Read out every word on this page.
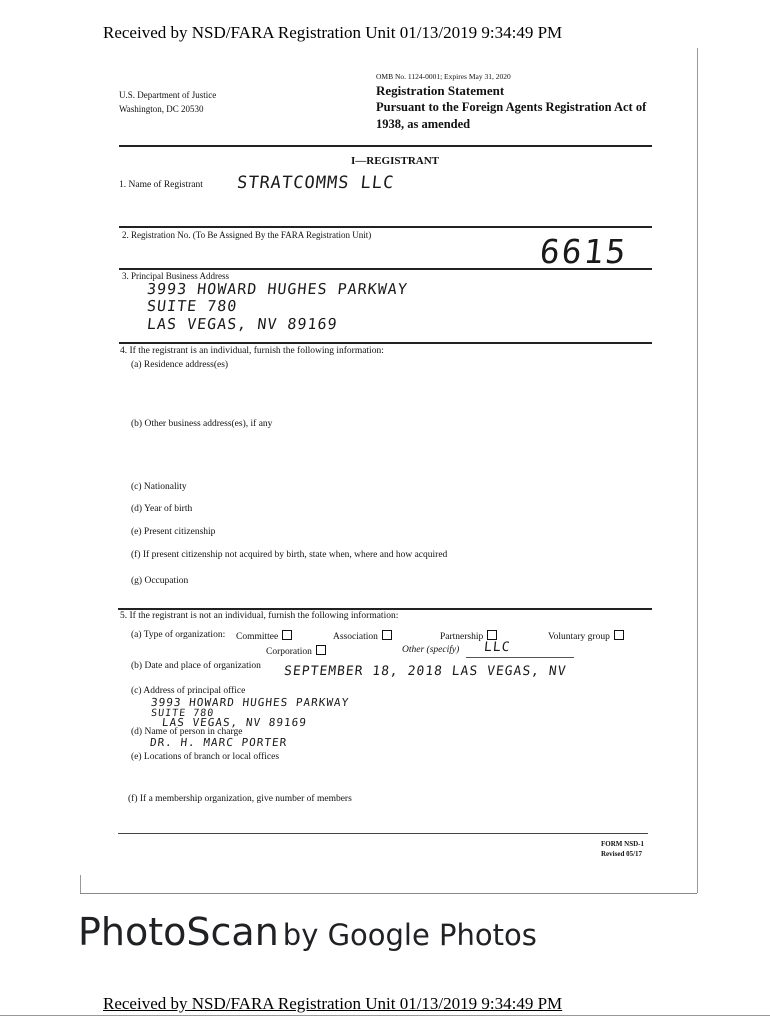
Received by NSD/FARA Registration Unit 01/13/2019 9:34:49 PM
U.S. Department of Justice
Washington, DC 20530
OMB No. 1124-0001; Expires May 31, 2020
Registration Statement
Pursuant to the Foreign Agents Registration Act of
1938, as amended
I—REGISTRANT
1. Name of Registrant STRATCOMMS LLC
2. Registration No. (To Be Assigned By the FARA Registration Unit)	6615
3. Principal Business Address
3993 HOWARD HUGHES PARKWAY
SUITE 780
LAS VEGAS, NV 89169
4. If the registrant is an individual, furnish the following information:
(a) Residence address(es)
(b) Other business address(es), if any
(c) Nationality
(d) Year of birth
(e) Present citizenship
(f) If present citizenship not acquired by birth, state when, where and how acquired
(g) Occupation
5. If the registrant is not an individual, furnish the following information:
(a) Type of organization: Committee	Association	Partnership	Voluntary group
Corporation	Other (specify) LLC
(b) Date and place of organization SEPTEMBER 18, 2018 LAS VEGAS, NV
(c) Address of principal office
3993 HOWARD HUGHES PARKWAY
SUITE 780
LAS VEGAS, NV 89169
(d) Name of person in charge
DR. H. MARC PORTER
(e) Locations of branch or local offices
(f) If a membership organization, give number of members
FORM NSD-1
Revised 05/17
PhotoScan by Google Photos
Received by NSD/FARA Registration Unit 01/13/2019 9:34:49 PM
